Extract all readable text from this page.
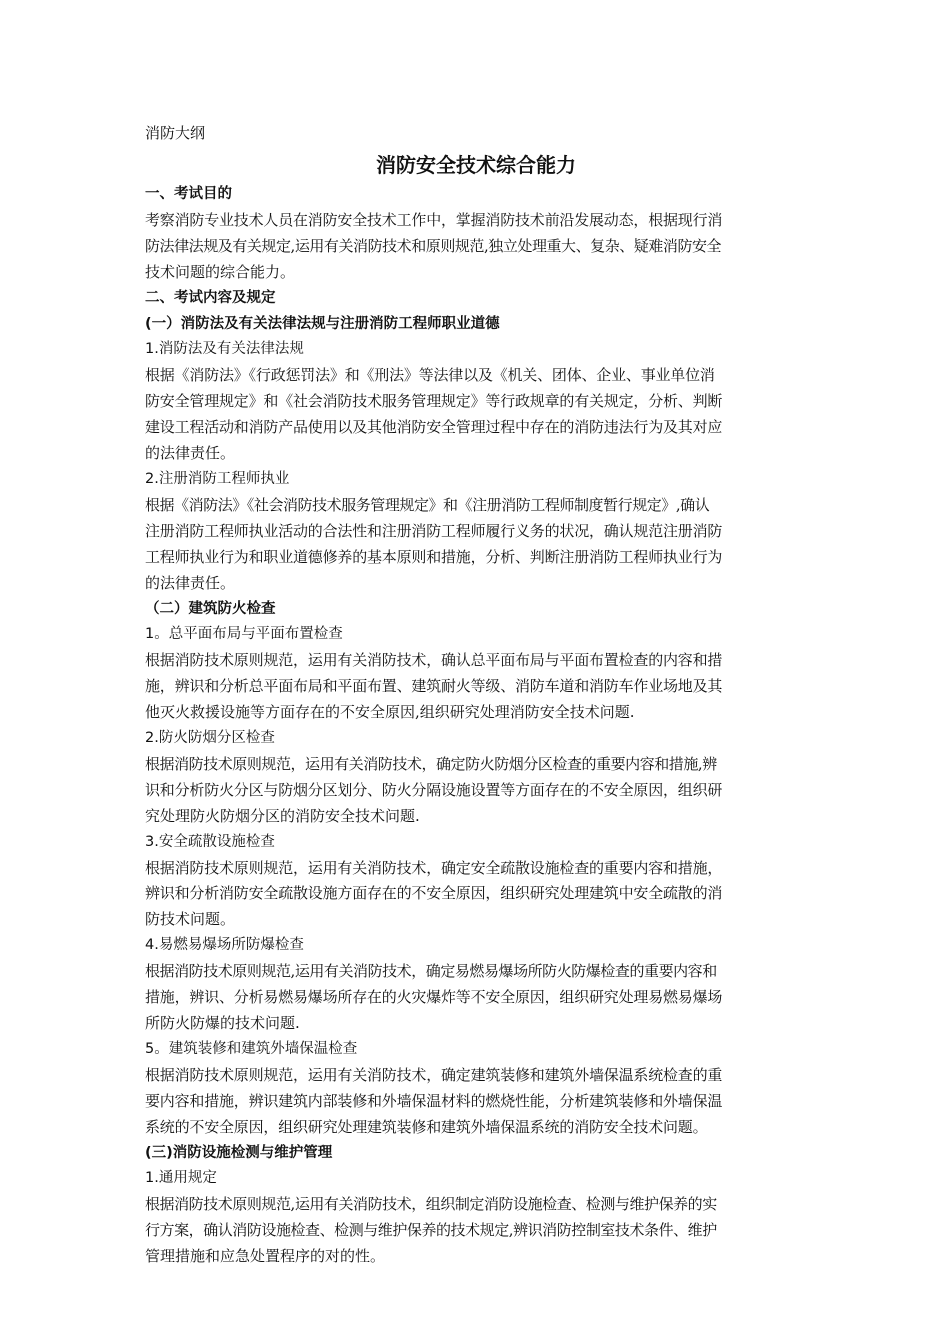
消防大纲
消防安全技术综合能力
一、考试目的
考察消防专业技术人员在消防安全技术工作中，掌握消防技术前沿发展动态，根据现行消
防法律法规及有关规定,运用有关消防技术和原则规范,独立处理重大、复杂、疑难消防安全
技术问题的综合能力。
二、考试内容及规定
(一）消防法及有关法律法规与注册消防工程师职业道德
1.消防法及有关法律法规
根据《消防法》《行政惩罚法》和《刑法》等法律以及《机关、团体、企业、事业单位消
防安全管理规定》和《社会消防技术服务管理规定》等行政规章的有关规定，分析、判断
建设工程活动和消防产品使用以及其他消防安全管理过程中存在的消防违法行为及其对应
的法律责任。
2.注册消防工程师执业
根据《消防法》《社会消防技术服务管理规定》和《注册消防工程师制度暂行规定》,确认
注册消防工程师执业活动的合法性和注册消防工程师履行义务的状况，确认规范注册消防
工程师执业行为和职业道德修养的基本原则和措施，分析、判断注册消防工程师执业行为
的法律责任。
（二）建筑防火检查
1。总平面布局与平面布置检查
根据消防技术原则规范，运用有关消防技术，确认总平面布局与平面布置检查的内容和措
施，辨识和分析总平面布局和平面布置、建筑耐火等级、消防车道和消防车作业场地及其
他灭火救援设施等方面存在的不安全原因,组织研究处理消防安全技术问题.
2.防火防烟分区检查
根据消防技术原则规范，运用有关消防技术，确定防火防烟分区检查的重要内容和措施,辨
识和分析防火分区与防烟分区划分、防火分隔设施设置等方面存在的不安全原因，组织研
究处理防火防烟分区的消防安全技术问题.
3.安全疏散设施检查
根据消防技术原则规范，运用有关消防技术，确定安全疏散设施检查的重要内容和措施，
辨识和分析消防安全疏散设施方面存在的不安全原因，组织研究处理建筑中安全疏散的消
防技术问题。
4.易燃易爆场所防爆检查
根据消防技术原则规范,运用有关消防技术，确定易燃易爆场所防火防爆检查的重要内容和
措施，辨识、分析易燃易爆场所存在的火灾爆炸等不安全原因，组织研究处理易燃易爆场
所防火防爆的技术问题.
5。建筑装修和建筑外墙保温检查
根据消防技术原则规范，运用有关消防技术，确定建筑装修和建筑外墙保温系统检查的重
要内容和措施，辨识建筑内部装修和外墙保温材料的燃烧性能，分析建筑装修和外墙保温
系统的不安全原因，组织研究处理建筑装修和建筑外墙保温系统的消防安全技术问题。
(三)消防设施检测与维护管理
1.通用规定
根据消防技术原则规范,运用有关消防技术，组织制定消防设施检查、检测与维护保养的实
行方案，确认消防设施检查、检测与维护保养的技术规定,辨识消防控制室技术条件、维护
管理措施和应急处置程序的对的性。
